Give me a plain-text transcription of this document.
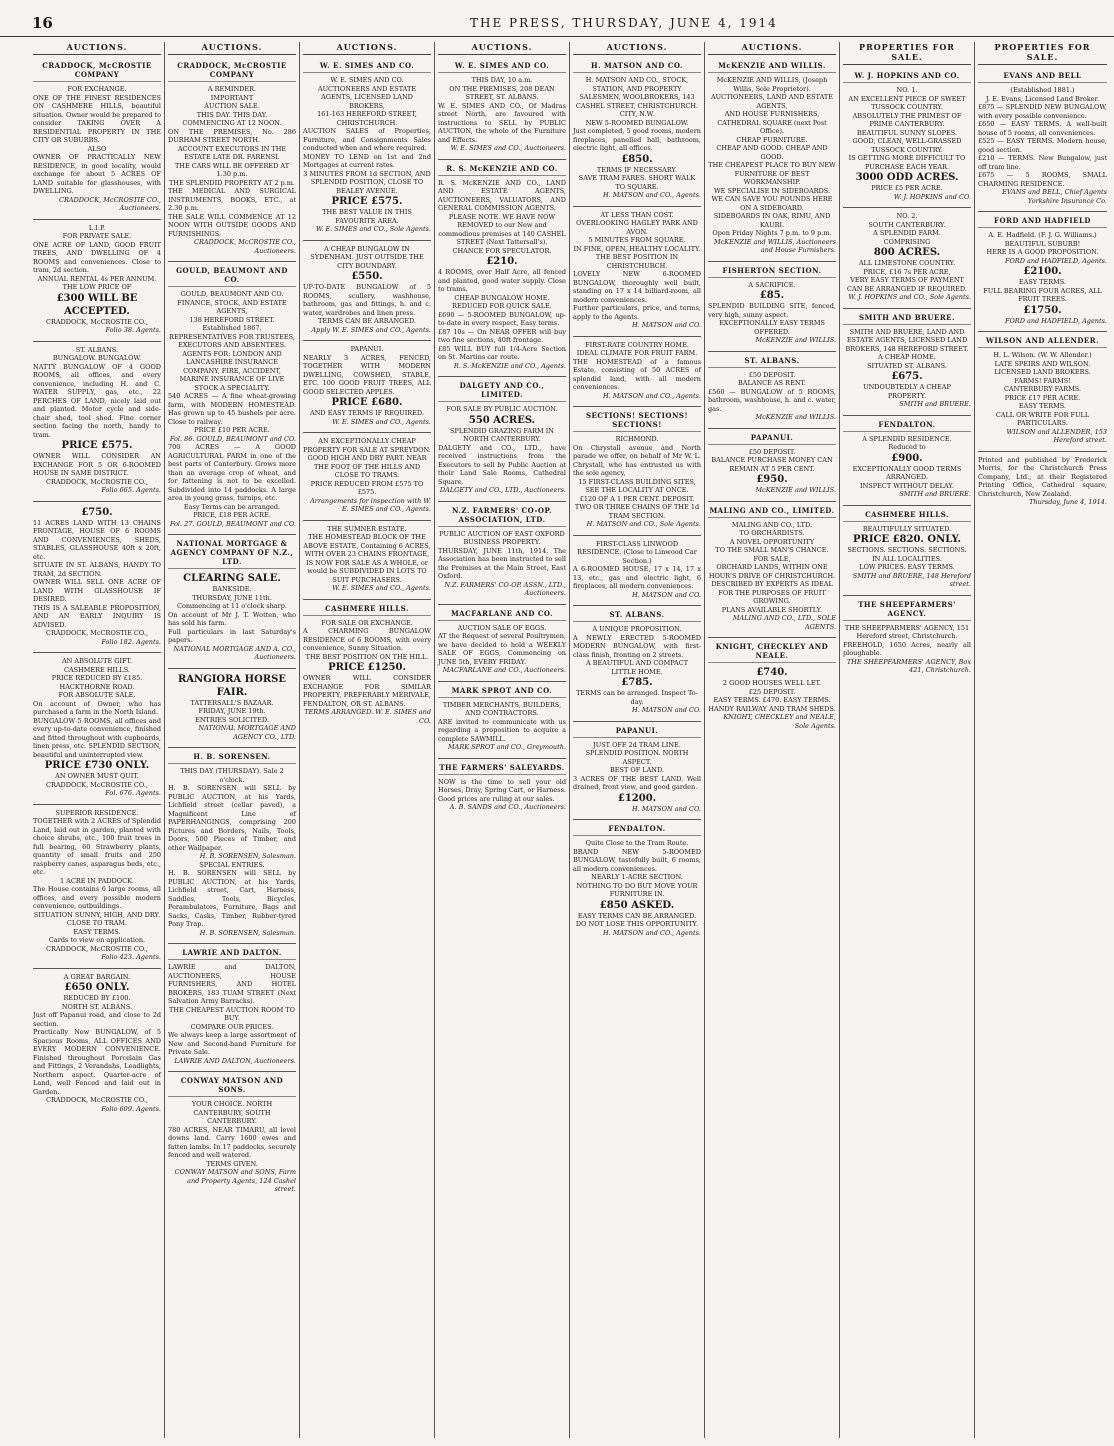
16	THE PRESS, THURSDAY, JUNE 4, 1914
AUCTIONS.
CRADDOCK, McCROSTIE COMPANY
FOR EXCHANGE.
ONE OF THE FINEST RESIDENCES ON CASHMERE HILLS, beautiful situation. Owner would be prepared to consider TAKING OVER A RESIDENTIAL PROPERTY IN THE CITY OR SUBURBS.
ALSO
OWNER OF PRACTICALLY NEW RESIDENCE, in good locality, would exchange for about 5 ACRES OF LAND suitable for glasshouses, with DWELLING.
CRADDOCK, McCROSTIE CO., Auctioneers.
L.I.P.
FOR PRIVATE SALE.
ONE ACRE OF LAND, GOOD FRUIT TREES, AND DWELLING OF 4 ROOMS and conveniences. Close to tram, 2d section.
ANNUAL RENTAL 4s PER ANNUM.
THE LOW PRICE OF
£300 WILL BE ACCEPTED.
CRADDOCK, McCROSTIE CO.,
Folio 38. Agents.
ST. ALBANS.
BUNGALOW. BUNGALOW.
NATTY BUNGALOW OF 4 GOOD ROOMS, all offices, and every convenience, including H. and C. WATER SUPPLY, gas, etc., 22 PERCHES OF LAND, nicely laid out and planted. Motor cycle and side-chair shed, tool shed. Fine corner section facing the north, handy to tram.
PRICE £575.
OWNER WILL CONSIDER AN EXCHANGE FOR 5 OR 6-ROOMED HOUSE IN SAME DISTRICT.
CRADDOCK, McCROSTIE CO.,
Folio 665. Agents.
£750.
11 ACRES LAND WITH 13 CHAINS FRONTAGE, HOUSE OF 6 ROOMS AND CONVENIENCES, SHEDS, STABLES, GLASSHOUSE 40ft x 20ft, etc.
SITUATE IN ST. ALBANS, HANDY TO TRAM, 2d SECTION.
OWNER WILL SELL ONE ACRE OF LAND WITH GLASSHOUSE IF DESIRED.
THIS IS A SALEABLE PROPOSITION, AND AN EARLY INQUIRY IS ADVISED.
CRADDOCK, McCROSTIE CO.,
Folio 182. Agents.
AN ABSOLUTE GIFT.
CASHMERE HILLS.
PRICE REDUCED BY £185.
HACKTHORNE ROAD.
FOR ABSOLUTE SALE.
On account of Owner, who has purchased a farm in the North Island.
BUNGALOW 5 ROOMS, all offices and every up-to-date convenience, finished and fitted throughout with cupboards, linen press, etc. SPLENDID SECTION, beautiful and uninterrupted view.
PRICE £730 ONLY.
AN OWNER MUST QUIT.
CRADDOCK, McCROSTIE CO.,
Fol. 676. Agents.
SUPERIOR RESIDENCE.
TOGETHER with 2 ACRES of Splendid Land, laid out in garden, planted with choice shrubs, etc., 100 fruit trees in full bearing, 60 Strawberry plants, quantity of small fruits and 250 raspberry canes, asparagus beds, etc., etc.
1 ACRE IN PADDOCK.
The House contains 6 large rooms, all offices, and every possible modern convenience, outbuildings.
SITUATION SUNNY, HIGH, AND DRY.
CLOSE TO TRAM.
EASY TERMS.
Cards to view on application.
CRADDOCK, McCROSTIE CO.,
Folio 423. Agents.
A GREAT BARGAIN.
£650 ONLY.
REDUCED BY £100.
NORTH ST. ALBANS.
Just off Papanui road, and close to 2d section.
Practically New BUNGALOW, of 5 Spacious Rooms, ALL OFFICES AND EVERY MODERN CONVENIENCE. Finished throughout Porcelain Gas and Fittings, 2 Verandahs, Leadlights, Northern aspect. Quarter-acre of Land, well Fenced and laid out in Garden.
CRADDOCK, McCROSTIE CO.,
Folio 609. Agents.
AUCTIONS.
CRADDOCK, McCROSTIE COMPANY
A REMINDER.
IMPORTANT
AUCTION SALE.
THIS DAY. THIS DAY.
COMMENCING AT 12 NOON.
ON THE PREMISES, No. 286 DURHAM STREET NORTH.
ACCOUNT EXECUTORS IN THE ESTATE LATE DR. FARENSI.
THE CARS WILL BE OFFERED AT 1.30 p.m.
THE SPLENDID PROPERTY AT 2 p.m.
THE MEDICAL AND SURGICAL INSTRUMENTS, BOOKS, ETC., at 2.30 p.m.
THE SALE WILL COMMENCE AT 12 NOON WITH OUTSIDE GOODS AND FURNISHINGS.
CRADDOCK, McCROSTIE CO., Auctioneers.
GOULD, BEAUMONT AND CO.
GOULD, BEAUMONT AND CO.
FINANCE, STOCK, AND ESTATE AGENTS,
138 HEREFORD STREET.
Established 1867.
REPRESENTATIVES FOR TRUSTEES, EXECUTORS AND ABSENTEES.
AGENTS FOR: LONDON AND LANCASHIRE INSURANCE COMPANY, FIRE, ACCIDENT, MARINE INSURANCE OF LIVE STOCK A SPECIALITY.
540 ACRES — A fine wheat-growing farm, with MODERN HOMESTEAD. Has grown up to 45 bushels per acre. Close to railway.
PRICE £10 PER ACRE.
Fol. 86. GOULD, BEAUMONT and CO.
700 ACRES — A GOOD AGRICULTURAL FARM in one of the best parts of Canterbury. Grows more than an average crop of wheat, and for fattening is not to be excelled. Subdivided into 14 paddocks. A large area in young grass, turnips, etc.
Easy Terms can be arranged.
PRICE, £18 PER ACRE.
Fol. 27. GOULD, BEAUMONT and CO.
NATIONAL MORTGAGE & AGENCY COMPANY OF N.Z., LTD.
CLEARING SALE.
BANKSIDE.
THURSDAY, JUNE 11th.
Commencing at 11 o'clock sharp.
On account of Mr J. T. Wotten, who has sold his farm.
Full particulars in last Saturday's papers.
NATIONAL MORTGAGE AND A. CO., Auctioneers.
RANGIORA HORSE FAIR.
TATTERSALL'S BAZAAR.
FRIDAY, JUNE 19th.
ENTRIES SOLICITED.
NATIONAL MORTGAGE AND AGENCY CO., LTD.
H. B. SORENSEN.
THIS DAY (THURSDAY). Sale 2 o'clock.
H. B. SORENSEN will SELL by PUBLIC AUCTION, at his Yards, Lichfield street (cellar paved), a Magnificent Line of PAPERHANGINGS, comprising 200 Pictures and Borders, Nails, Tools, Doors, 500 Pieces of Timber, and other Wallpaper.
H. B. SORENSEN, Salesman.
SPECIAL ENTRIES.
H. B. SORENSEN will SELL by PUBLIC AUCTION, at his Yards, Lichfield street, Cart, Harness, Saddles, Tools, Bicycles, Perambulators, Furniture, Bags and Sacks, Casks, Timber, Rubber-tyred Pony Trap.
H. B. SORENSEN, Salesman.
LAWRIE AND DALTON.
LAWRIE and DALTON, AUCTIONEERS, HOUSE FURNISHERS, AND HOTEL BROKERS, 183 TUAM STREET (Next Salvation Army Barracks).
THE CHEAPEST AUCTION ROOM TO BUY.
COMPARE OUR PRICES.
We always keep a large assortment of New and Second-hand Furniture for Private Sale.
LAWRIE AND DALTON, Auctioneers.
CONWAY MATSON AND SONS.
YOUR CHOICE. NORTH CANTERBURY, SOUTH CANTERBURY.
780 ACRES, NEAR TIMARU, all level downs land. Carry 1600 ewes and fatten lambs. In 17 paddocks, securely fenced and well watered.
TERMS GIVEN.
CONWAY MATSON and SONS, Farm and Property Agents, 124 Cashel street.
AUCTIONS.
W. E. SIMES AND CO.
W. E. SIMES AND CO.
AUCTIONEERS AND ESTATE AGENTS, LICENSED LAND BROKERS,
161-163 HEREFORD STREET,
CHRISTCHURCH.
AUCTION SALES of Properties, Furniture, and Consignments Sales conducted when and where required.
MONEY TO LEND on 1st and 2nd Mortgages at current rates.
3 MINUTES FROM 1d SECTION, AND SPLENDID POSITION, CLOSE TO BEALEY AVENUE.
PRICE £575.
THE BEST VALUE IN THIS FAVOURITE AREA.
W. E. SIMES and CO., Sole Agents.
A CHEAP BUNGALOW IN SYDENHAM. JUST OUTSIDE THE CITY BOUNDARY.
£550.
UP-TO-DATE BUNGALOW of 5 ROOMS, scullery, washhouse, bathroom, gas and fittings, h. and c. water, wardrobes and linen press.
TERMS CAN BE ARRANGED.
Apply W. E. SIMES and CO., Agents.
PAPANUI.
NEARLY 3 ACRES, FENCED, TOGETHER WITH MODERN DWELLING, COWSHED, STABLE, ETC. 100 GOOD FRUIT TREES, ALL GOOD SELECTED APPLES.
PRICE £680.
AND EASY TERMS IF REQUIRED.
W. E. SIMES and CO., Agents.
AN EXCEPTIONALLY CHEAP PROPERTY FOR SALE AT SPREYDON.
GOOD HIGH AND DRY PART. NEAR THE FOOT OF THE HILLS AND CLOSE TO TRAMS.
PRICE REDUCED FROM £575 TO £575.
Arrangements for inspection with W. E. SIMES and CO., Agents.
THE SUMNER ESTATE.
THE HOMESTEAD BLOCK OF THE ABOVE ESTATE, Containing 6 ACRES, WITH OVER 23 CHAINS FRONTAGE,
IS NOW FOR SALE AS A WHOLE, or would be SUBDIVIDED IN LOTS TO SUIT PURCHASERS.
W. E. SIMES and CO., Agents.
CASHMERE HILLS.
FOR SALE OR EXCHANGE.
A CHARMING BUNGALOW RESIDENCE of 6 ROOMS, with every convenience, Sunny Situation.
THE BEST POSITION ON THE HILL.
PRICE £1250.
OWNER WILL CONSIDER EXCHANGE FOR SIMILAR PROPERTY, PREFERABLY MERIVALE, FENDALTON, OR ST. ALBANS.
TERMS ARRANGED. W. E. SIMES and CO.
AUCTIONS.
W. E. SIMES AND CO.
THIS DAY, 10 a.m.
ON THE PREMISES, 208 DEAN STREET, ST. ALBANS.
W. E. SIMES AND CO., Of Madras street North, are favoured with instructions to SELL by PUBLIC AUCTION, the whole of the Furniture and Effects.
W. E. SIMES and CO., Auctioneers.
R. S. McKENZIE AND CO.
R. S. McKENZIE AND CO., LAND AND ESTATE AGENTS, AUCTIONEERS, VALUATORS, AND GENERAL COMMISSION AGENTS.
PLEASE NOTE. WE HAVE NOW REMOVED to our New and commodious premises at 140 CASHEL STREET (Next Tattersall's).
CHANCE FOR SPECULATOR.
£210.
4 ROOMS, over Half Acre, all fenced and planted, good water supply. Close to trams.
CHEAP BUNGALOW HOME. REDUCED FOR QUICK SALE.
£690 — 5-ROOMED BUNGALOW, up-to-date in every respect, Easy terms.
£87 10s — On NEAR OFFER will buy two fine sections, 40ft frontage.
£85 WILL BUY full 1/4-Acre Section on St. Martins car route.
R. S. McKENZIE and CO., Agents.
DALGETY AND CO., LIMITED.
FOR SALE BY PUBLIC AUCTION.
550 ACRES.
SPLENDID GRAZING FARM IN NORTH CANTERBURY.
DALGETY and CO., LTD., have received instructions from the Executors to sell by Public Auction at their Land Sale Rooms, Cathedral Square.
DALGETY and CO., LTD., Auctioneers.
N.Z. FARMERS' CO-OP. ASSOCIATION, LTD.
PUBLIC AUCTION OF EAST OXFORD BUSINESS PROPERTY.
THURSDAY, JUNE 11th, 1914. The Association has been instructed to sell the Premises at the Main Street, East Oxford.
N.Z. FARMERS' CO-OP. ASSN., LTD., Auctioneers.
MACFARLANE AND CO.
AUCTION SALE OF EGGS.
AT the Request of several Poultrymen, we have decided to hold a WEEKLY SALE OF EGGS, Commencing on JUNE 5th, EVERY FRIDAY.
MACFARLANE and CO., Auctioneers.
MARK SPROT AND CO.
TIMBER MERCHANTS, BUILDERS, AND CONTRACTORS.
ARE invited to communicate with us regarding a proposition to acquire a complete SAWMILL.
MARK SPROT and CO., Greymouth.
THE FARMERS' SALEYARDS.
NOW is the time to sell your old Horses, Dray, Spring Cart, or Harness. Good prices are ruling at our sales.
A. B. SANDS and CO., Auctioneers.
AUCTIONS.
H. MATSON AND CO.
H. MATSON AND CO., STOCK, STATION, AND PROPERTY SALESMEN, WOOLBROKERS, 143 CASHEL STREET, CHRISTCHURCH.
CITY, N.W.
NEW 5-ROOMED BUNGALOW.
Just completed, 5 good rooms, modern fireplaces, panelled hall, bathroom, electric light, all offices.
£850.
TERMS IF NECESSARY.
SAVE TRAM FARES. SHORT WALK TO SQUARE.
H. MATSON and CO., Agents.
AT LESS THAN COST.
OVERLOOKING HAGLEY PARK AND AVON.
5 MINUTES FROM SQUARE.
IN FINE, OPEN, HEALTHY LOCALITY.
THE BEST POSITION IN CHRISTCHURCH.
LOVELY NEW 6-ROOMED BUNGALOW, thoroughly well built, standing on 17 x 14 billiard-room, all modern conveniences.
Further particulars, price, and terms, apply to the Agents.
H. MATSON and CO.
FIRST-RATE COUNTRY HOME.
IDEAL CLIMATE FOR FRUIT FARM.
THE HOMESTEAD of a famous Estate, consisting of 50 ACRES of splendid land, with all modern conveniences.
H. MATSON and CO., Agents.
SECTIONS! SECTIONS! SECTIONS!
RICHMOND.
On Chrystall avenue and North parade we offer, on behalf of Mr W. L. Chrystall, who has entrusted us with the sole agency,
15 FIRST-CLASS BUILDING SITES,
SEE THE LOCALITY AT ONCE.
£120 OF A 1 PER CENT. DEPOSIT.
TWO OR THREE CHAINS OF THE 1d TRAM SECTION.
H. MATSON and CO., Sole Agents.
FIRST-CLASS LINWOOD RESIDENCE. (Close to Linwood Car Section.)
A 6-ROOMED HOUSE, 17 x 14, 17 x 13, etc., gas and electric light, 6 fireplaces, all modern conveniences.
H. MATSON and CO.
ST. ALBANS.
A UNIQUE PROPOSITION.
A NEWLY ERECTED 5-ROOMED MODERN BUNGALOW, with first-class finish, fronting on 2 streets.
A BEAUTIFUL AND COMPACT LITTLE HOME.
£785.
TERMS can be arranged. Inspect To-day.
H. MATSON and CO.
PAPANUI.
JUST OFF 2d TRAM LINE.
SPLENDID POSITION. NORTH ASPECT.
BEST OF LAND.
3 ACRES OF THE BEST LAND. Well drained, front view, and good garden.
£1200.
H. MATSON and CO.
FENDALTON.
Quite Close to the Tram Route.
BRAND NEW 5-ROOMED BUNGALOW, tastefully built, 6 rooms, all modern conveniences.
NEARLY 1-ACRE SECTION.
NOTHING TO DO BUT MOVE YOUR FURNITURE IN.
£850 ASKED.
EASY TERMS CAN BE ARRANGED.
DO NOT LOSE THIS OPPORTUNITY.
H. MATSON and CO., Agents.
AUCTIONS.
McKENZIE AND WILLIS.
McKENZIE AND WILLIS, (Joseph Willis, Sole Proprietor).
AUCTIONEERS, LAND AND ESTATE AGENTS,
AND HOUSE FURNISHERS,
CATHEDRAL SQUARE (next Post Office).
CHEAP FURNITURE.
CHEAP AND GOOD. CHEAP AND GOOD.
THE CHEAPEST PLACE TO BUY NEW FURNITURE OF BEST WORKMANSHIP.
WE SPECIALISE IN SIDEBOARDS.
WE CAN SAVE YOU POUNDS HERE ON A SIDEBOARD.
SIDEBOARDS IN OAK, RIMU, AND KAURI.
Open Friday Nights 7 p.m. to 9 p.m.
McKENZIE and WILLIS, Auctioneers and House Furnishers.
FISHERTON SECTION.
A SACRIFICE.
£85.
SPLENDID BUILDING SITE, fenced, very high, sunny aspect.
EXCEPTIONALLY EASY TERMS OFFERED.
McKENZIE and WILLIS.
ST. ALBANS.
£50 DEPOSIT.
BALANCE AS RENT.
£560 — BUNGALOW of 5 ROOMS, bathroom, washhouse, h. and c. water, gas.
McKENZIE and WILLIS.
PAPANUI.
£50 DEPOSIT.
BALANCE PURCHASE MONEY CAN REMAIN AT 5 PER CENT.
£950.
McKENZIE and WILLIS.
MALING AND CO., LIMITED.
MALING AND CO., LTD.
TO ORCHARDISTS.
A NOVEL OPPORTUNITY
TO THE SMALL MAN'S CHANCE.
FOR SALE,
ORCHARD LANDS, WITHIN ONE HOUR'S DRIVE OF CHRISTCHURCH.
DESCRIBED BY EXPERTS AS IDEAL FOR THE PURPOSES OF FRUIT GROWING.
PLANS AVAILABLE SHORTLY.
MALING AND CO., LTD., SOLE AGENTS.
KNIGHT, CHECKLEY AND NEALE.
£740.
2 GOOD HOUSES WELL LET.
£25 DEPOSIT.
EASY TERMS. £470. EASY TERMS.
HANDY RAILWAY AND TRAM SHEDS.
KNIGHT, CHECKLEY and NEALE, Sole Agents.
PROPERTIES FOR SALE.
W. J. HOPKINS AND CO.
NO. 1.
AN EXCELLENT PIECE OF SWEET TUSSOCK COUNTRY.
ABSOLUTELY THE PRIMEST OF PRIME CANTERBURY.
BEAUTIFUL SUNNY SLOPES.
GOOD, CLEAN, WELL-GRASSED TUSSOCK COUNTRY.
IS GETTING MORE DIFFICULT TO PURCHASE EACH YEAR.
3000 ODD ACRES.
PRICE £5 PER ACRE.
W. J. HOPKINS and CO.
NO. 2.
SOUTH CANTERBURY.
A SPLENDID FARM.
COMPRISING
800 ACRES.
ALL LIMESTONE COUNTRY.
PRICE, £16 7s PER ACRE,
VERY EASY TERMS OF PAYMENT CAN BE ARRANGED IF REQUIRED.
W. J. HOPKINS and CO., Sole Agents.
SMITH AND BRUERE.
SMITH AND BRUERE, LAND AND ESTATE AGENTS, LICENSED LAND BROKERS, 148 HEREFORD STREET.
A CHEAP HOME.
SITUATED ST. ALBANS.
£675.
UNDOUBTEDLY A CHEAP PROPERTY.
SMITH and BRUERE.
FENDALTON.
A SPLENDID RESIDENCE.
Reduced to
£900.
EXCEPTIONALLY GOOD TERMS ARRANGED.
INSPECT WITHOUT DELAY.
SMITH and BRUERE.
CASHMERE HILLS.
BEAUTIFULLY SITUATED.
PRICE £820. ONLY.
SECTIONS. SECTIONS. SECTIONS.
IN ALL LOCALITIES.
LOW PRICES. EASY TERMS.
SMITH and BRUERE, 148 Hereford street.
THE SHEEPFARMERS' AGENCY.
THE SHEEPFARMERS' AGENCY, 151 Hereford street, Christchurch.
FREEHOLD, 1650 Acres, nearly all ploughable.
THE SHEEPFARMERS' AGENCY, Box 421, Christchurch.
PROPERTIES FOR SALE.
EVANS AND BELL
(Established 1881.)
J. E. Evans, Licensed Land Broker.
£875 — SPLENDID NEW BUNGALOW, with every possible convenience.
£650 — EASY TERMS. A well-built house of 5 rooms, all conveniences.
£525 — EASY TERMS. Modern house, good section.
£210 — TERMS. New Bungalow, just off tram line.
£675 — 5 ROOMS, SMALL CHARMING RESIDENCE.
EVANS and BELL, Chief Agents Yorkshire Insurance Co.
FORD AND HADFIELD
A. E. Hadfield. (F. J. G. Williams.)
BEAUTIFUL SUBURB!
HERE IS A GOOD PROPOSITION.
FORD and HADFIELD, Agents.
£2100.
EASY TERMS.
FULL BEARING FOUR ACRES, ALL FRUIT TREES.
£1750.
FORD and HADFIELD, Agents.
WILSON AND ALLENDER.
H. L. Wilson. (W. W. Allender.)
LATE SPEIRS AND WILSON.
LICENSED LAND BROKERS.
FARMS! FARMS!
CANTERBURY FARMS.
PRICE £17 PER ACRE.
EASY TERMS.
CALL OR WRITE FOR FULL PARTICULARS.
WILSON and ALLENDER, 153 Hereford street.
Printed and published by Frederick Morris, for the Christchurch Press Company, Ltd., at their Registered Printing Office, Cathedral square, Christchurch, New Zealand.
Thursday, June 4, 1914.
